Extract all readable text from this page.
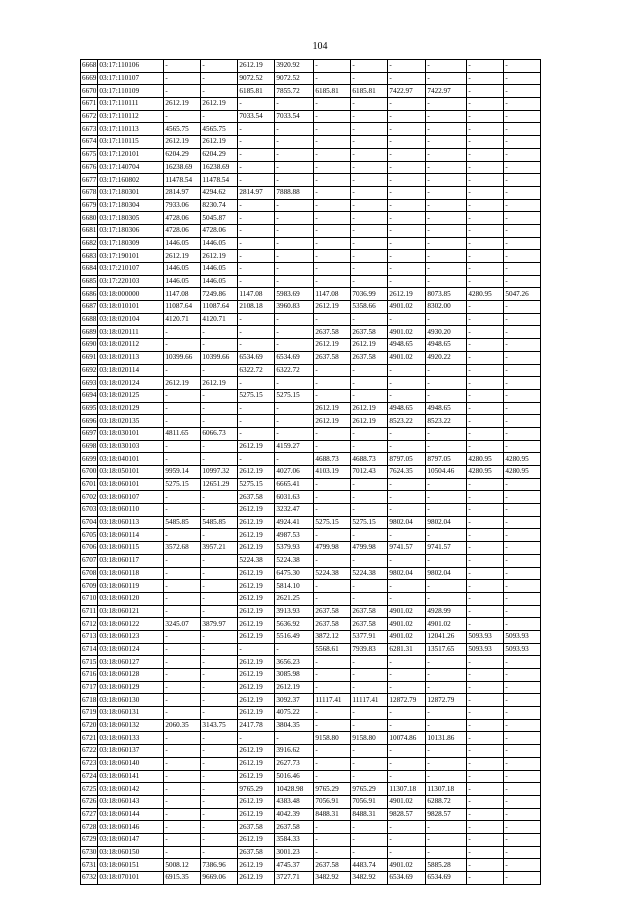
104
6668	03:17:110106	-	-	2612.19	3920.92	-	-	-	-	-	-
6669	03:17:110107	-	-	9072.52	9072.52	-	-	-	-	-	-
6670	03:17:110109	-	-	6185.81	7855.72	6185.81	6185.81	7422.97	7422.97	-	-
6671	03:17:110111	2612.19	2612.19	-	-	-	-	-	-	-	-
6672	03:17:110112	-	-	7033.54	7033.54	-	-	-	-	-	-
6673	03:17:110113	4565.75	4565.75	-	-	-	-	-	-	-	-
6674	03:17:110115	2612.19	2612.19	-	-	-	-	-	-	-	-
6675	03:17:120101	6204.29	6204.29	-	-	-	-	-	-	-	-
6676	03:17:140704	16238.69	16238.69	-	-	-	-	-	-	-	-
6677	03:17:160802	11478.54	11478.54	-	-	-	-	-	-	-	-
6678	03:17:180301	2814.97	4294.62	2814.97	7888.88	-	-	-	-	-	-
6679	03:17:180304	7933.06	8230.74	-	-	-	-	-	-	-	-
6680	03:17:180305	4728.06	5045.87	-	-	-	-	-	-	-	-
6681	03:17:180306	4728.06	4728.06	-	-	-	-	-	-	-	-
6682	03:17:180309	1446.05	1446.05	-	-	-	-	-	-	-	-
6683	03:17:190101	2612.19	2612.19	-	-	-	-	-	-	-	-
6684	03:17:210107	1446.05	1446.05	-	-	-	-	-	-	-	-
6685	03:17:220103	1446.05	1446.05	-	-	-	-	-	-	-	-
6686	03:18:000000	1147.08	7249.86	1147.08	5983.69	1147.08	7036.99	2612.19	8073.85	4280.95	5047.26
6687	03:18:010101	11087.64	11087.64	2108.18	3960.83	2612.19	5358.66	4901.02	8302.00	-	-
6688	03:18:020104	4120.71	4120.71	-	-	-	-	-	-	-	-
6689	03:18:020111	-	-	-	-	2637.58	2637.58	4901.02	4930.20	-	-
6690	03:18:020112	-	-	-	-	2612.19	2612.19	4948.65	4948.65	-	-
6691	03:18:020113	10399.66	10399.66	6534.69	6534.69	2637.58	2637.58	4901.02	4920.22	-	-
6692	03:18:020114	-	-	6322.72	6322.72	-	-	-	-	-	-
6693	03:18:020124	2612.19	2612.19	-	-	-	-	-	-	-	-
6694	03:18:020125	-	-	5275.15	5275.15	-	-	-	-	-	-
6695	03:18:020129	-	-	-	-	2612.19	2612.19	4948.65	4948.65	-	-
6696	03:18:020135	-	-	-	-	2612.19	2612.19	8523.22	8523.22	-	-
6697	03:18:030101	4811.65	6066.73	-	-	-	-	-	-	-	-
6698	03:18:030103	-	-	2612.19	4159.27	-	-	-	-	-	-
6699	03:18:040101	-	-	-	-	4688.73	4688.73	8797.05	8797.05	4280.95	4280.95
6700	03:18:050101	9959.14	10997.32	2612.19	4027.06	4103.19	7012.43	7624.35	10504.46	4280.95	4280.95
6701	03:18:060101	5275.15	12651.29	5275.15	6665.41	-	-	-	-	-	-
6702	03:18:060107	-	-	2637.58	6031.63	-	-	-	-	-	-
6703	03:18:060110	-	-	2612.19	3232.47	-	-	-	-	-	-
6704	03:18:060113	5485.85	5485.85	2612.19	4924.41	5275.15	5275.15	9802.04	9802.04	-	-
6705	03:18:060114	-	-	2612.19	4987.53	-	-	-	-	-	-
6706	03:18:060115	3572.68	3957.21	2612.19	5379.93	4799.98	4799.98	9741.57	9741.57	-	-
6707	03:18:060117	-	-	5224.38	5224.38	-	-	-	-	-	-
6708	03:18:060118	-	-	2612.19	6475.30	5224.38	5224.38	9802.04	9802.04	-	-
6709	03:18:060119	-	-	2612.19	5814.10	-	-	-	-	-	-
6710	03:18:060120	-	-	2612.19	2621.25	-	-	-	-	-	-
6711	03:18:060121	-	-	2612.19	3913.93	2637.58	2637.58	4901.02	4928.99	-	-
6712	03:18:060122	3245.07	3879.97	2612.19	5636.92	2637.58	2637.58	4901.02	4901.02	-	-
6713	03:18:060123	-	-	2612.19	5516.49	3872.12	5377.91	4901.02	12041.26	5093.93	5093.93
6714	03:18:060124	-	-	-	-	5568.61	7939.83	6281.31	13517.65	5093.93	5093.93
6715	03:18:060127	-	-	2612.19	3656.23	-	-	-	-	-	-
6716	03:18:060128	-	-	2612.19	3085.98	-	-	-	-	-	-
6717	03:18:060129	-	-	2612.19	2612.19	-	-	-	-	-	-
6718	03:18:060130	-	-	2612.19	3092.37	11117.41	11117.41	12872.79	12872.79	-	-
6719	03:18:060131	-	-	2612.19	4075.22	-	-	-	-	-	-
6720	03:18:060132	2060.35	3143.75	2417.78	3804.35	-	-	-	-	-	-
6721	03:18:060133	-	-	-	-	9158.80	9158.80	10074.86	10131.86	-	-
6722	03:18:060137	-	-	2612.19	3916.62	-	-	-	-	-	-
6723	03:18:060140	-	-	2612.19	2627.73	-	-	-	-	-	-
6724	03:18:060141	-	-	2612.19	5016.46	-	-	-	-	-	-
6725	03:18:060142	-	-	9765.29	10428.98	9765.29	9765.29	11307.18	11307.18	-	-
6726	03:18:060143	-	-	2612.19	4383.48	7056.91	7056.91	4901.02	6288.72	-	-
6727	03:18:060144	-	-	2612.19	4042.39	8488.31	8488.31	9828.57	9828.57	-	-
6728	03:18:060146	-	-	2637.58	2637.58	-	-	-	-	-	-
6729	03:18:060147	-	-	2612.19	3584.33	-	-	-	-	-	-
6730	03:18:060150	-	-	2637.58	3001.23	-	-	-	-	-	-
6731	03:18:060151	5008.12	7386.96	2612.19	4745.37	2637.58	4483.74	4901.02	5885.28	-	-
6732	03:18:070101	6915.35	9669.06	2612.19	3727.71	3482.92	3482.92	6534.69	6534.69	-	-
